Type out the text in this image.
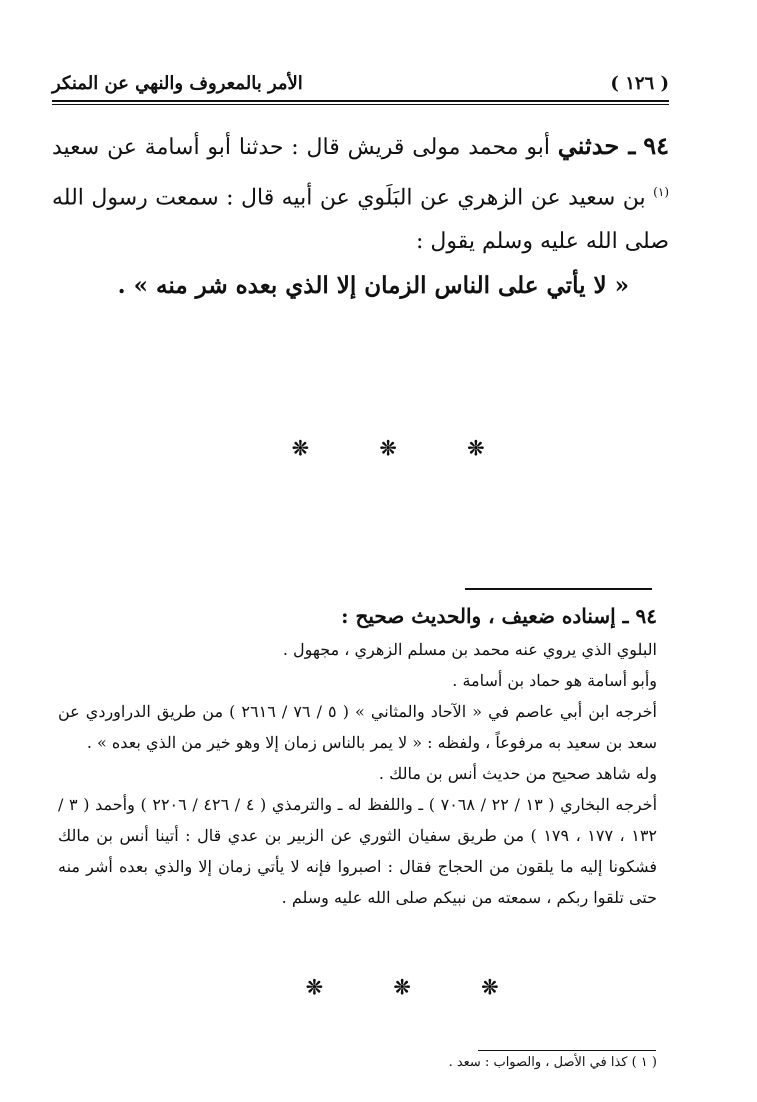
( ١٢٦ )
الأمر بالمعروف والنهي عن المنكر

٩٤ ـ حدثني أبو محمد مولى قريش قال : حدثنا أبو أسامة عن سعيد $^{(١)}$ بن سعيد عن الزهري عن البَلَوي عن أبيه قال : سمعت رسول الله صلى الله عليه وسلم يقول :

« لا يأتي على الناس الزمان إلا الذي بعده شر منه » .

❊ ❊ ❊

٩٤ ـ إسناده ضعيف ، والحديث صحيح :

البلوي الذي يروي عنه محمد بن مسلم الزهري ، مجهول .

وأبو أسامة هو حماد بن أسامة .

أخرجه ابن أبي عاصم في « الآحاد والمثاني » ( ٥ / ٧٦ / ٢٦١٦ ) من طريق الدراوردي عن سعد بن سعيد به مرفوعاً ، ولفظه : « لا يمر بالناس زمان إلا وهو خير من الذي بعده » .

وله شاهد صحيح من حديث أنس بن مالك .

أخرجه البخاري ( ١٣ / ٢٢ / ٧٠٦٨ ) ـ واللفظ له ـ والترمذي ( ٤ / ٤٢٦ / ٢٢٠٦ ) وأحمد ( ٣ / ١٣٢ ، ١٧٧ ، ١٧٩ ) من طريق سفيان الثوري عن الزبير بن عدي قال : أتينا أنس بن مالك فشكونا إليه ما يلقون من الحجاج فقال : اصبروا فإنه لا يأتي زمان إلا والذي بعده أشر منه حتى تلقوا ربكم ، سمعته من نبيكم صلى الله عليه وسلم .

❊ ❊ ❊
( ١ ) كذا في الأصل ، والصواب : سعد .
